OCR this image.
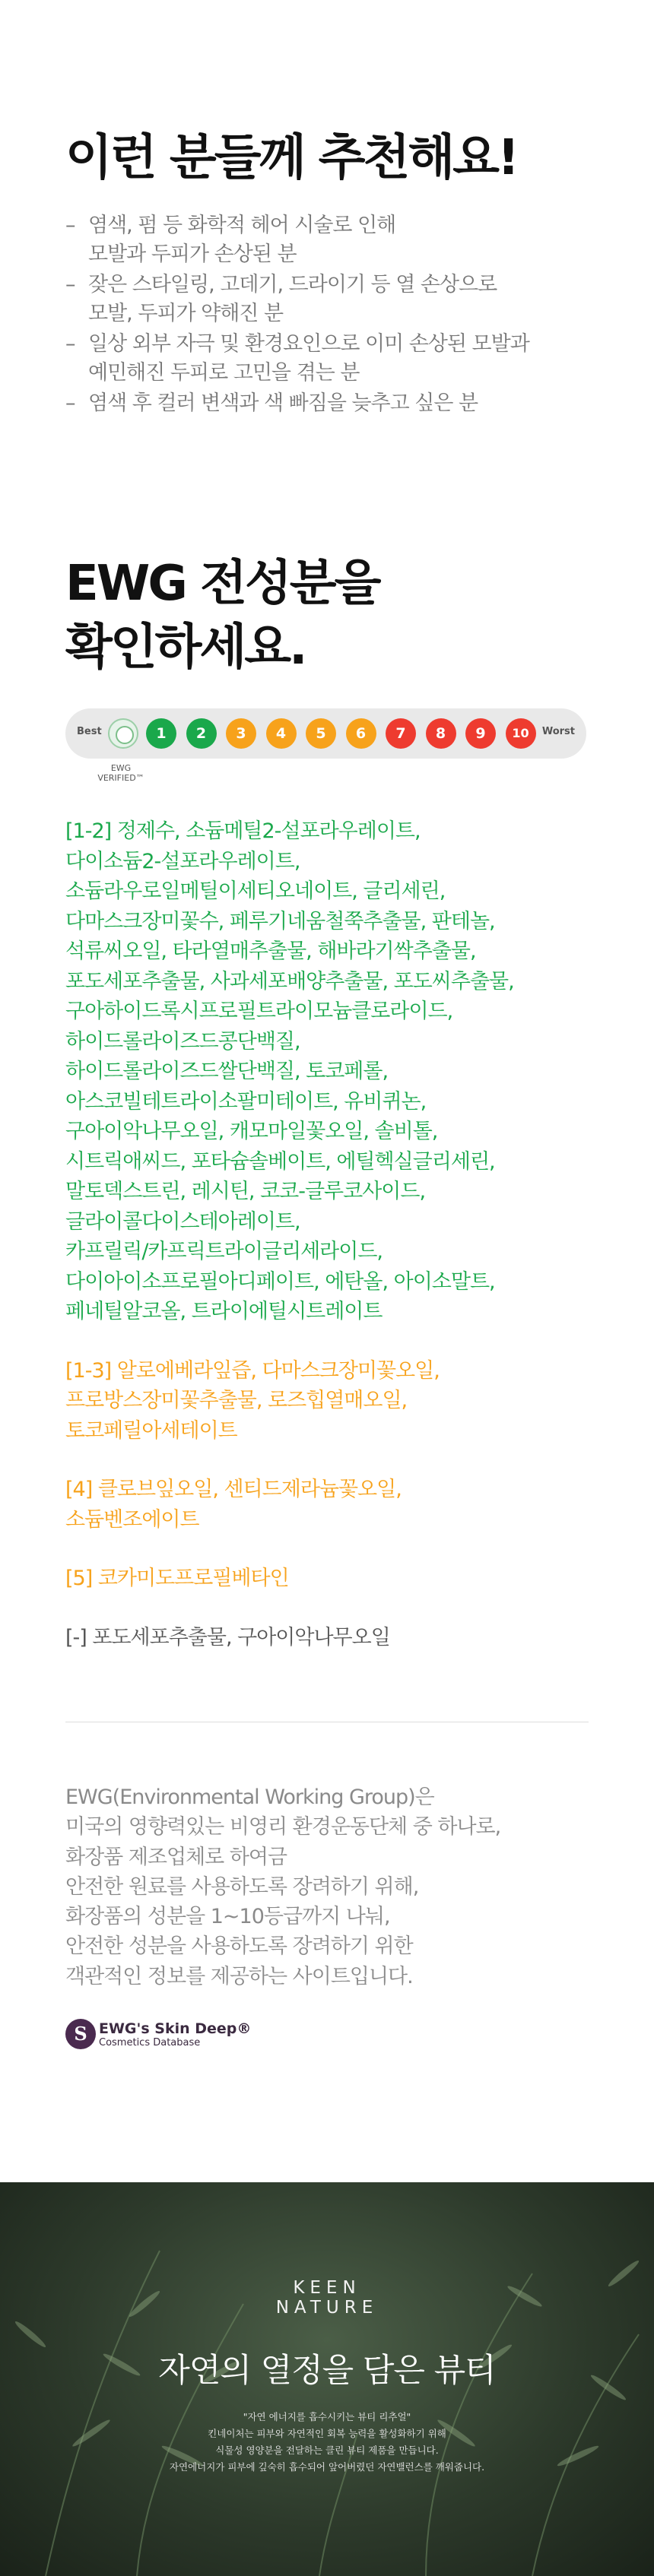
이런 분들께 추천해요!
– 염색, 펌 등 화학적 헤어 시술로 인해
모발과 두피가 손상된 분
– 잦은 스타일링, 고데기, 드라이기 등 열 손상으로
모발, 두피가 약해진 분
– 일상 외부 자극 및 환경요인으로 이미 손상된 모발과
예민해진 두피로 고민을 겪는 분
– 염색 후 컬러 변색과 색 빠짐을 늦추고 싶은 분
EWG 전성분을
확인하세요.
Best	Worst
1	2	3	4	5	6	7	8	9	10
EWG
VERIFIED™
[1-2] 정제수, 소듐메틸2-설포라우레이트,
다이소듐2-설포라우레이트,
소듐라우로일메틸이세티오네이트, 글리세린,
다마스크장미꽃수, 페루기네움철쭉추출물, 판테놀,
석류씨오일, 타라열매추출물, 해바라기싹추출물,
포도세포추출물, 사과세포배양추출물, 포도씨추출물,
구아하이드록시프로필트라이모늄클로라이드,
하이드롤라이즈드콩단백질,
하이드롤라이즈드쌀단백질, 토코페롤,
아스코빌테트라이소팔미테이트, 유비퀴논,
구아이악나무오일, 캐모마일꽃오일, 솔비톨,
시트릭애씨드, 포타슘솔베이트, 에틸헥실글리세린,
말토덱스트린, 레시틴, 코코-글루코사이드,
글라이콜다이스테아레이트,
카프릴릭/카프릭트라이글리세라이드,
다이아이소프로필아디페이트, 에탄올, 아이소말트,
페네틸알코올, 트라이에틸시트레이트
[1-3] 알로에베라잎즙, 다마스크장미꽃오일,
프로방스장미꽃추출물, 로즈힙열매오일,
토코페릴아세테이트
[4] 클로브잎오일, 센티드제라늄꽃오일,
소듐벤조에이트
[5] 코카미도프로필베타인
[-] 포도세포추출물, 구아이악나무오일

EWG(Environmental Working Group)은

미국의 영향력있는 비영리 환경운동단체 중 하나로,

화장품 제조업체로 하여금

안전한 원료를 사용하도록 장려하기 위해,

화장품의 성분을 1~10등급까지 나눠,

안전한 성분을 사용하도록 장려하기 위한

객관적인 정보를 제공하는 사이트입니다.

S EWG's Skin Deep®
Cosmetics Database
KEEN
NATURE
자연의 열정을 담은 뷰티
"자연 에너지를 흡수시키는 뷰티 리추얼"
킨네이처는 피부와 자연적인 회복 능력을 활성화하기 위해
식물성 영양분을 전달하는 클린 뷰티 제품을 만듭니다.
자연에너지가 피부에 깊숙히 흡수되어 앞어버렸던 자연밸런스를 깨워줍니다.
